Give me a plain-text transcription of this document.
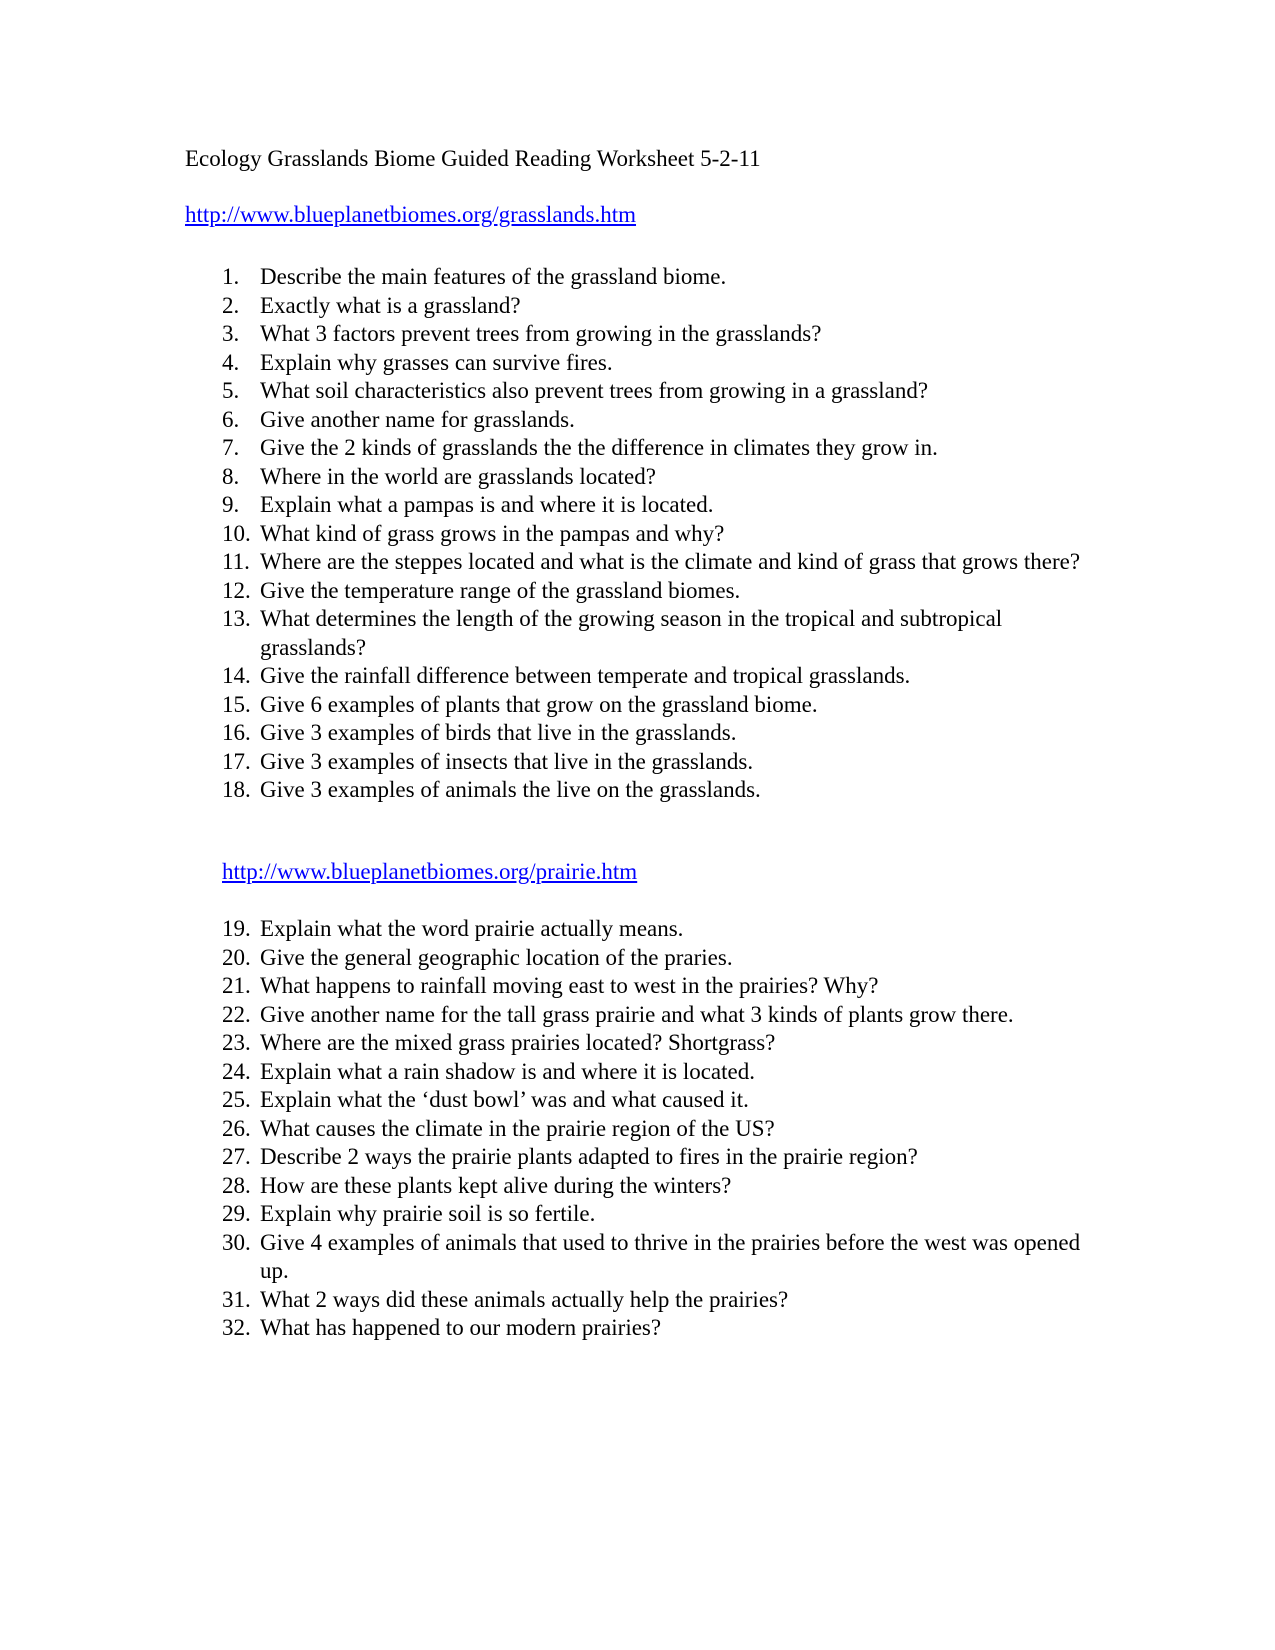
Ecology Grasslands Biome Guided Reading Worksheet 5-2-11
http://www.blueplanetbiomes.org/grasslands.htm
1. Describe the main features of the grassland biome.
2. Exactly what is a grassland?
3. What 3 factors prevent trees from growing in the grasslands?
4. Explain why grasses can survive fires.
5. What soil characteristics also prevent trees from growing in a grassland?
6. Give another name for grasslands.
7. Give the 2 kinds of grasslands the the difference in climates they grow in.
8. Where in the world are grasslands located?
9. Explain what a pampas is and where it is located.
10. What kind of grass grows in the pampas and why?
11. Where are the steppes located and what is the climate and kind of grass that grows there?
12. Give the temperature range of the grassland biomes.
13. What determines the length of the growing season in the tropical and subtropical grasslands?
14. Give the rainfall difference between temperate and tropical grasslands.
15. Give 6 examples of plants that grow on the grassland biome.
16. Give 3 examples of birds that live in the grasslands.
17. Give 3 examples of insects that live in the grasslands.
18. Give 3 examples of animals the live on the grasslands.
http://www.blueplanetbiomes.org/prairie.htm
19. Explain what the word prairie actually means.
20. Give the general geographic location of the praries.
21. What happens to rainfall moving east to west in the prairies? Why?
22. Give another name for the tall grass prairie and what 3 kinds of plants grow there.
23. Where are the mixed grass prairies located? Shortgrass?
24. Explain what a rain shadow is and where it is located.
25. Explain what the ‘dust bowl’ was and what caused it.
26. What causes the climate in the prairie region of the US?
27. Describe 2 ways the prairie plants adapted to fires in the prairie region?
28. How are these plants kept alive during the winters?
29. Explain why prairie soil is so fertile.
30. Give 4 examples of animals that used to thrive in the prairies before the west was opened up.
31. What 2 ways did these animals actually help the prairies?
32. What has happened to our modern prairies?
